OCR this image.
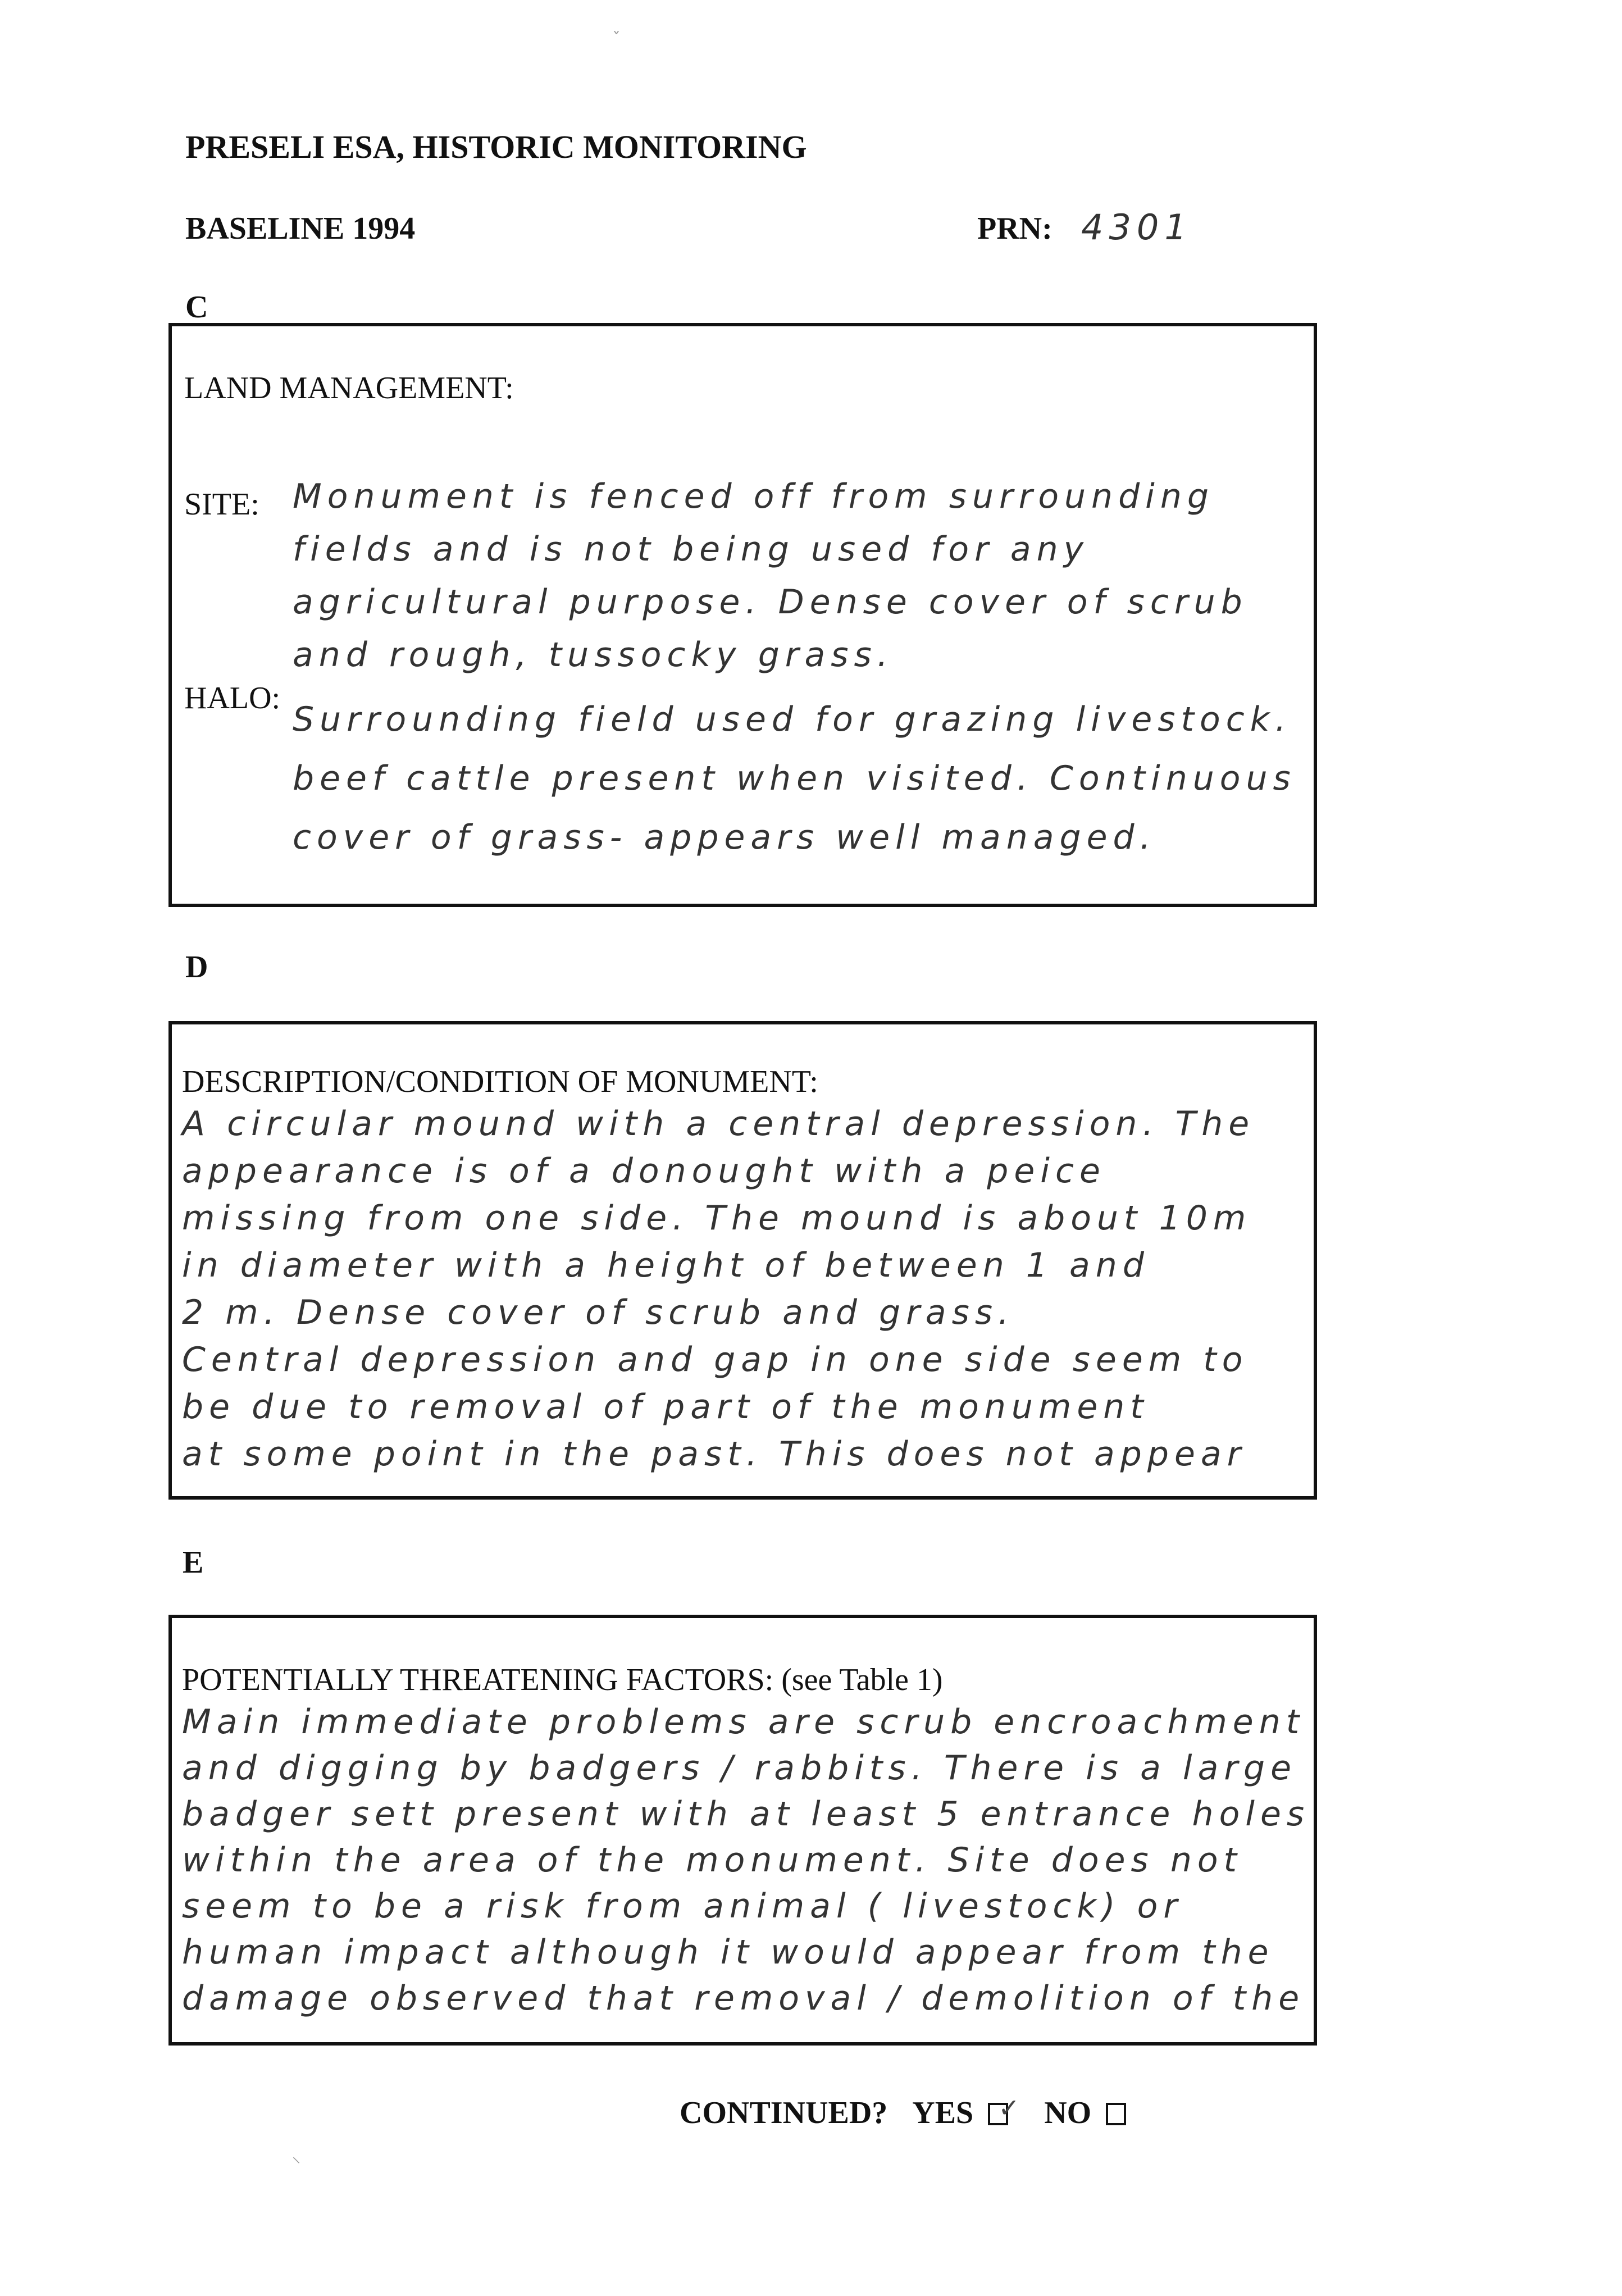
ˇ
⸌
PRESELI ESA, HISTORIC MONITORING
BASELINE 1994	PRN: 4301
C
LAND MANAGEMENT:
SITE: Monument is fenced off from surrounding
fields and is not being used for any
agricultural purpose. Dense cover of scrub
and rough, tussocky grass.
HALO:
Surrounding field used for grazing livestock.
beef cattle present when visited. Continuous
cover of grass- appears well managed.
D
DESCRIPTION/CONDITION OF MONUMENT:
A circular mound with a central depression. The
appearance is of a donought with a peice
missing from one side. The mound is about 10m
in diameter with a height of between 1 and
2 m. Dense cover of scrub and grass.
Central depression and gap in one side seem to
be due to removal of part of the monument
at some point in the past. This does not appear
E
POTENTIALLY THREATENING FACTORS: (see Table 1)
Main immediate problems are scrub encroachment
and digging by badgers / rabbits. There is a large
badger sett present with at least 5 entrance holes
within the area of the monument. Site does not
seem to be a risk from animal ( livestock) or
human impact although it would appear from the
damage observed that removal / demolition of the
CONTINUED? YES ✓ NO
